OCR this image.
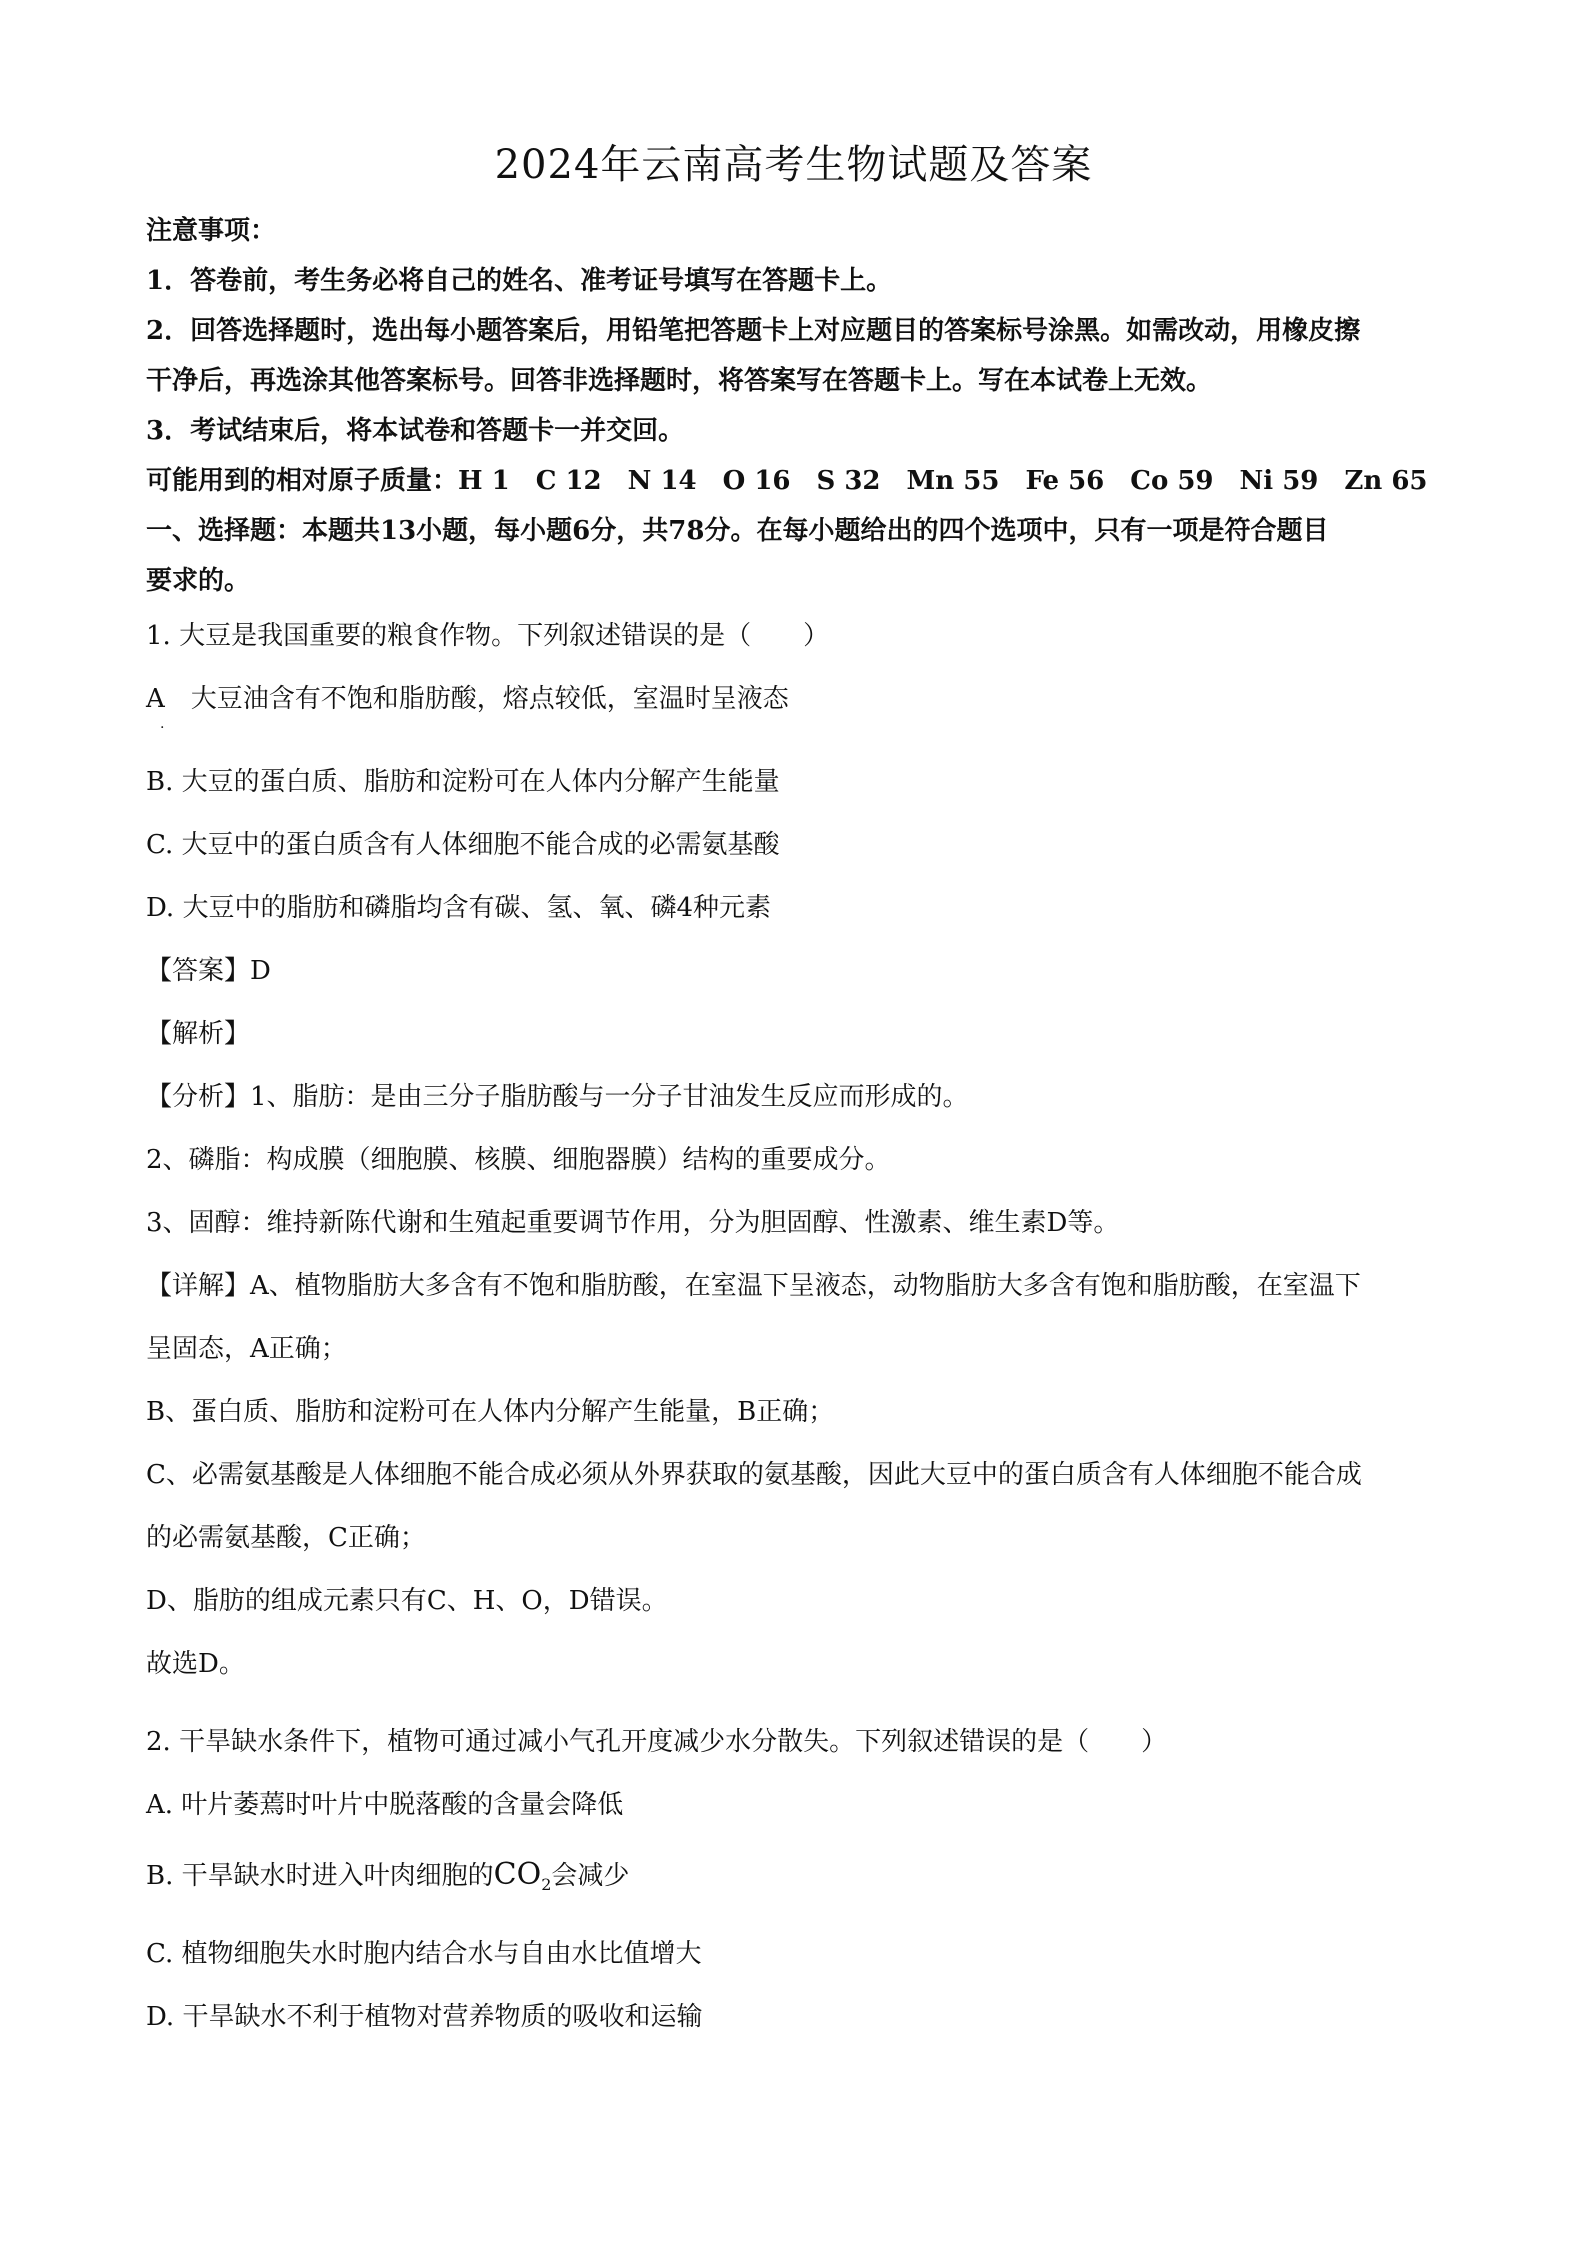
2024年云南高考生物试题及答案
注意事项：
1．答卷前，考生务必将自己的姓名、准考证号填写在答题卡上。
2．回答选择题时，选出每小题答案后，用铅笔把答题卡上对应题目的答案标号涂黑。如需改动，用橡皮擦
干净后，再选涂其他答案标号。回答非选择题时，将答案写在答题卡上。写在本试卷上无效。
3．考试结束后，将本试卷和答题卡一并交回。
可能用到的相对原子质量：H 1　C 12　N 14　O 16　S 32　Mn 55　Fe 56　Co 59　Ni 59　Zn 65
一、选择题：本题共13小题，每小题6分，共78分。在每小题给出的四个选项中，只有一项是符合题目
要求的。
1. 大豆是我国重要的粮食作物。下列叙述错误的是（　　）
A　大豆油含有不饱和脂肪酸，熔点较低，室温时呈液态
.
B. 大豆的蛋白质、脂肪和淀粉可在人体内分解产生能量
C. 大豆中的蛋白质含有人体细胞不能合成的必需氨基酸
D. 大豆中的脂肪和磷脂均含有碳、氢、氧、磷4种元素
【答案】D
【解析】
【分析】1、脂肪：是由三分子脂肪酸与一分子甘油发生反应而形成的。
2、磷脂：构成膜（细胞膜、核膜、细胞器膜）结构的重要成分。
3、固醇：维持新陈代谢和生殖起重要调节作用，分为胆固醇、性激素、维生素D等。
【详解】A、植物脂肪大多含有不饱和脂肪酸，在室温下呈液态，动物脂肪大多含有饱和脂肪酸，在室温下
呈固态，A正确；
B、蛋白质、脂肪和淀粉可在人体内分解产生能量，B正确；
C、必需氨基酸是人体细胞不能合成必须从外界获取的氨基酸，因此大豆中的蛋白质含有人体细胞不能合成
的必需氨基酸，C正确；
D、脂肪的组成元素只有C、H、O，D错误。
故选D。
2. 干旱缺水条件下，植物可通过减小气孔开度减少水分散失。下列叙述错误的是（　　）
A. 叶片萎蔫时叶片中脱落酸的含量会降低
B. 干旱缺水时进入叶肉细胞的$CO_2$会减少
C. 植物细胞失水时胞内结合水与自由水比值增大
D. 干旱缺水不利于植物对营养物质的吸收和运输
